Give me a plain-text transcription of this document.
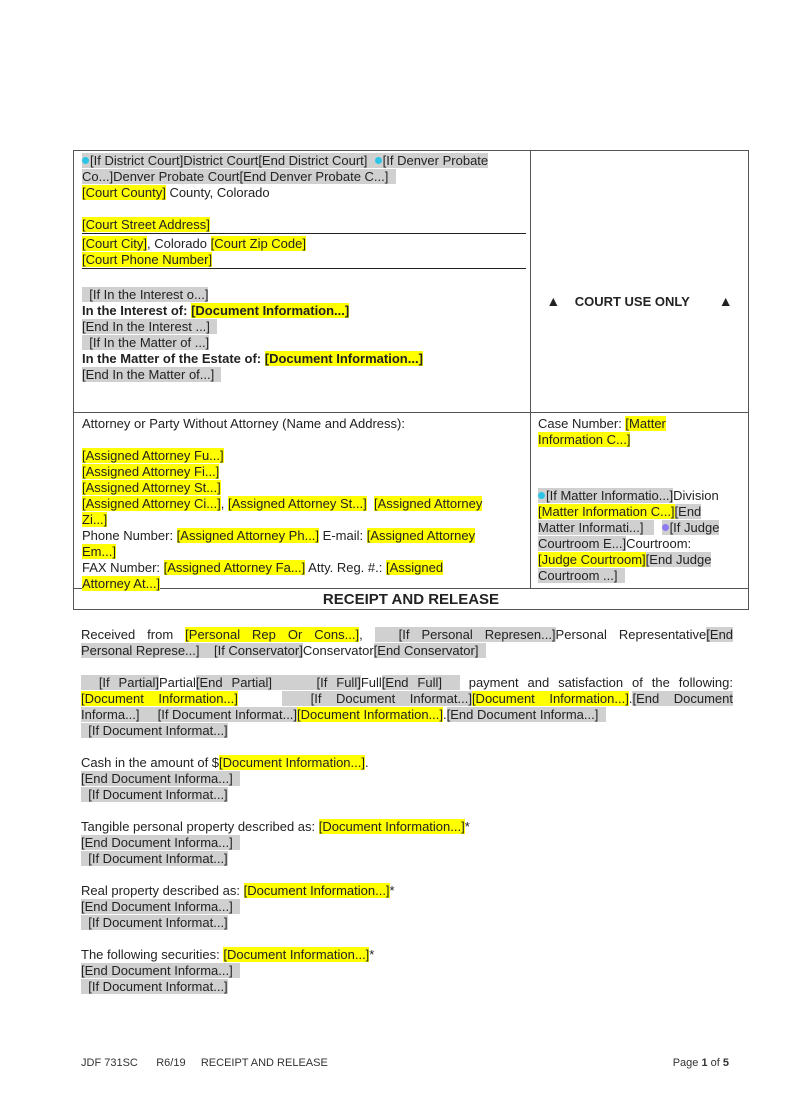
[If District Court]District Court[End District Court] [If Denver Probate
Co...]Denver Probate Court[End Denver Probate C...]
[Court County] County, Colorado
[Court Street Address]
[Court City], Colorado [Court Zip Code]
[Court Phone Number]
[If In the Interest o...]
In the Interest of: [Document Information...]
[End In the Interest ...]
[If In the Matter of ...]
In the Matter of the Estate of: [Document Information...]
[End In the Matter of...]
▲ COURT USE ONLY ▲
Attorney or Party Without Attorney (Name and Address):
[Assigned Attorney Fu...]
[Assigned Attorney Fi...]
[Assigned Attorney St...]
[Assigned Attorney Ci...], [Assigned Attorney St...] [Assigned Attorney
Zi...]
Phone Number: [Assigned Attorney Ph...] E-mail: [Assigned Attorney
Em...]
FAX Number: [Assigned Attorney Fa...] Atty. Reg. #.: [Assigned
Attorney At...]
Case Number: [Matter
Information C...]
[If Matter Informatio...]Division
[Matter Information C...][End
Matter Informati...] [If Judge
Courtroom E...]Courtroom:
[Judge Courtroom][End Judge
Courtroom ...]
RECEIPT AND RELEASE
Received from [Personal Rep Or Cons...],   [If Personal Represen...]Personal Representative[End
Personal Represe...] [If Conservator]Conservator[End Conservator]
[If Partial]Partial[End Partial]	[If Full]Full[End Full]   payment and satisfaction of the following:
[Document Information...]	[If Document Informat...][Document Information...].[End Document
Informa...] [If Document Informat...][Document Information...].[End Document Informa...]
[If Document Informat...]
Cash in the amount of $[Document Information...].
[End Document Informa...]
[If Document Informat...]
Tangible personal property described as: [Document Information...]*
[End Document Informa...]
[If Document Informat...]
Real property described as: [Document Information...]*
[End Document Informa...]
[If Document Informat...]
The following securities: [Document Information...]*
[End Document Informa...]
[If Document Informat...]
JDF 731SC R6/19 RECEIPT AND RELEASE	Page 1 of 5
